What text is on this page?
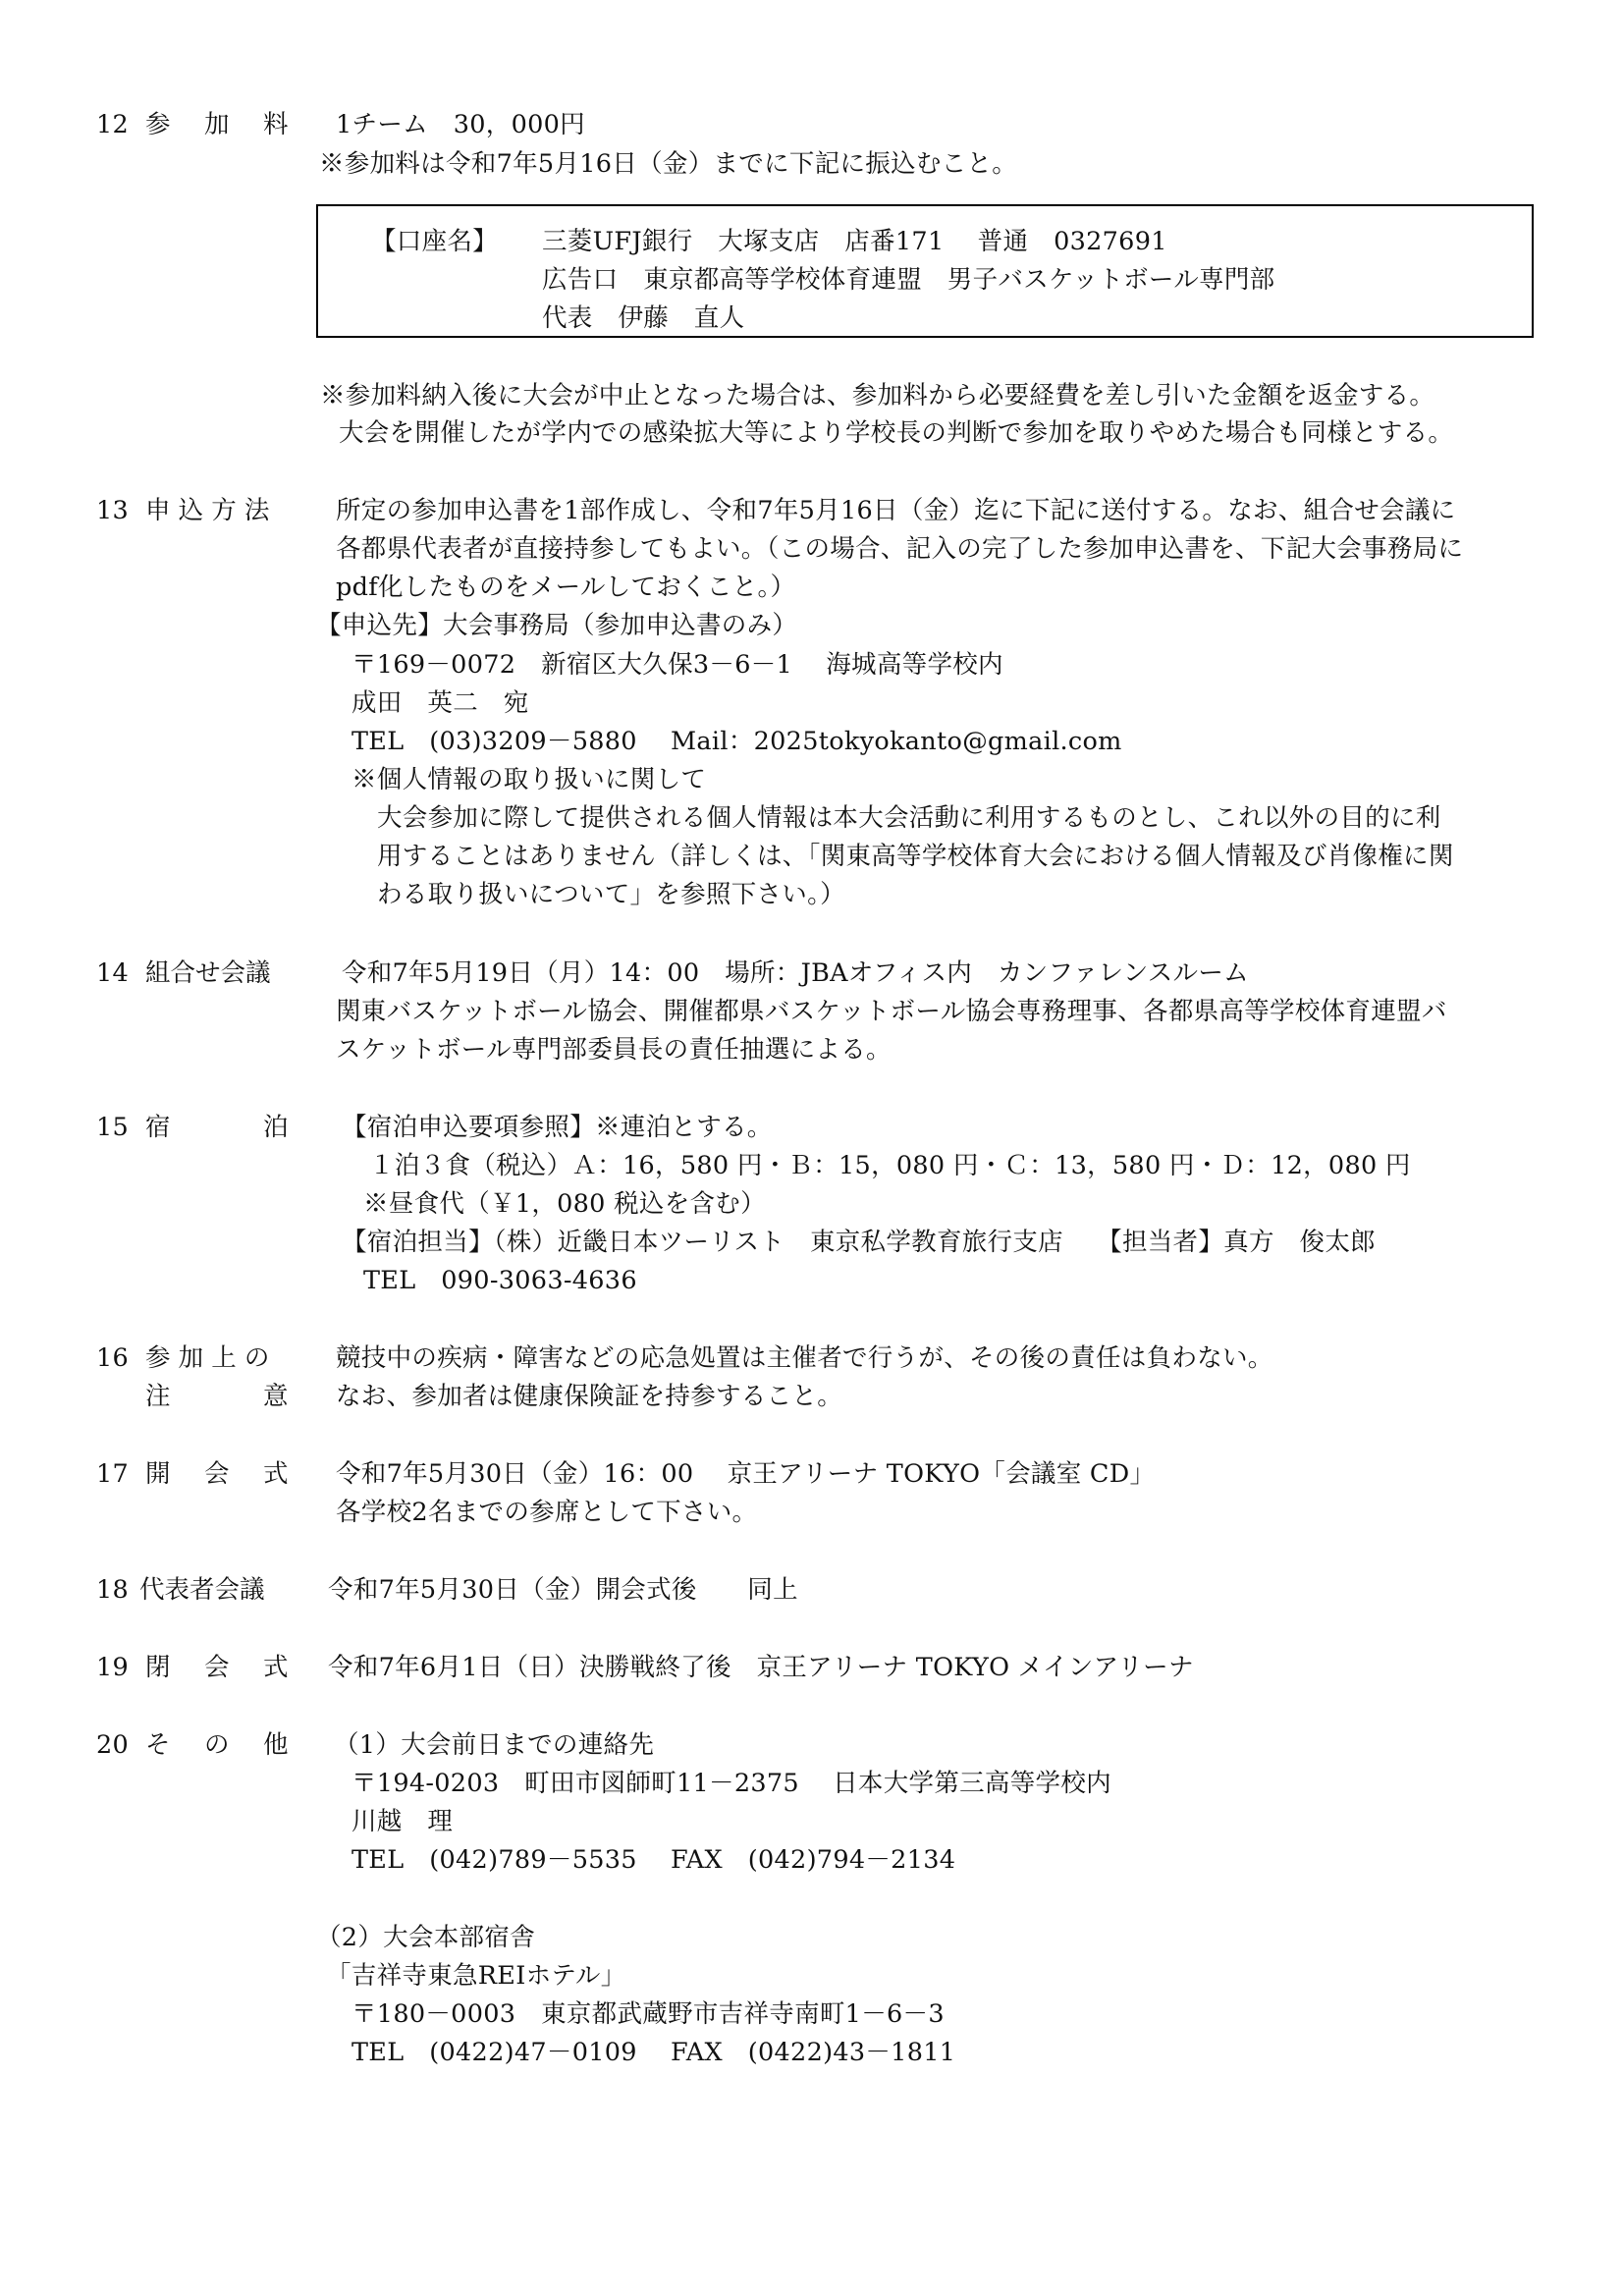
12 参 加 料 1チーム　30，000円
※参加料は令和7年5月16日（金）までに下記に振込むこと。
【口座名】 三菱UFJ銀行　大塚支店　店番171　 普通　0327691
広告口　東京都高等学校体育連盟　男子バスケットボール専門部
代表　伊藤　直人
※参加料納入後に大会が中止となった場合は、参加料から必要経費を差し引いた金額を返金する。
大会を開催したが学内での感染拡大等により学校長の判断で参加を取りやめた場合も同様とする。
13 申 込 方 法	所定の参加申込書を1部作成し、令和7年5月16日（金）迄に下記に送付する。なお、組合せ会議に
各都県代表者が直接持参してもよい。（この場合、記入の完了した参加申込書を、下記大会事務局に
pdf化したものをメールしておくこと。）
【申込先】大会事務局（参加申込書のみ）
〒169－0072　新宿区大久保3－6－1　 海城高等学校内
成田　英二　宛
TEL　(03)3209－5880　 Mail：2025tokyokanto@gmail.com
※個人情報の取り扱いに関して
大会参加に際して提供される個人情報は本大会活動に利用するものとし、これ以外の目的に利
用することはありません（詳しくは、「関東高等学校体育大会における個人情報及び肖像権に関
わる取り扱いについて」を参照下さい。）
14 組合せ会議	令和7年5月19日（月）14：00　場所：JBAオフィス内　カンファレンスルーム
関東バスケットボール協会、開催都県バスケットボール協会専務理事、各都県高等学校体育連盟バ
スケットボール専門部委員長の責任抽選による。
15 宿	泊 【宿泊申込要項参照】※連泊とする。
１泊３食（税込）Ａ：16，580 円・Ｂ：15，080 円・Ｃ：13，580 円・Ｄ：12，080 円
※昼食代（￥1，080 税込を含む）
【宿泊担当】（株）近畿日本ツーリスト　東京私学教育旅行支店　 【担当者】真方　俊太郎
TEL　090-3063-4636
16 参 加 上 の
注	意
競技中の疾病・障害などの応急処置は主催者で行うが、その後の責任は負わない。
なお、参加者は健康保険証を持参すること。
17 開 会 式 令和7年5月30日（金）16：00　 京王アリーナ TOKYO「会議室 CD」
各学校2名までの参席として下さい。
18 代表者会議	令和7年5月30日（金）開会式後　　同上
19 閉 会 式 令和7年6月1日（日）決勝戦終了後　京王アリーナ TOKYO メインアリーナ
20 そ の 他 （1）大会前日までの連絡先
〒194-0203　町田市図師町11－2375　 日本大学第三高等学校内
川越　理
TEL　(042)789－5535　 FAX　(042)794－2134
（2）大会本部宿舎
「吉祥寺東急REIホテル」
〒180－0003　東京都武蔵野市吉祥寺南町1－6－3
TEL　(0422)47－0109　 FAX　(0422)43－1811
